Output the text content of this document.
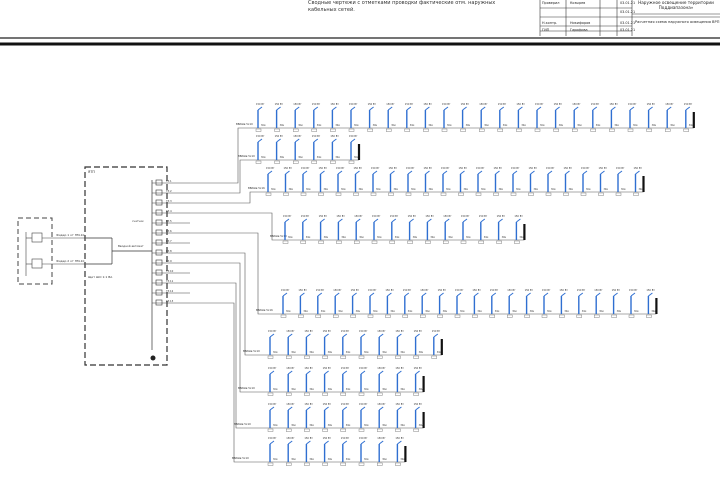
Сводные чертежи с отметками проводки фактические отм. наружных
кабельных сетей.
Проверил	Козырев	03.01.21
03.01.21
Н.контр.	Никифоров	03.01.21
ГИП	Гарифова	03.01.21
Наружное освещение территории
Поддиапазона»
Расчетная схема наружного освещения ВРП
Фидер 1 от ПМ-10
Фидер 2 от ПМ-10
ЯТП
Щит ШО 1:1 ВА
Вводной автомат
счетчик
ГР.1
ГР.2
ГР.3
ГР.4
ГР.5
ГР.6
ГР.7
ГР.8
ГР.9
ГР.10
ГР.11
ГР.12
ГР.13
ВБбШв 5х10
ВБбШв 5х10
ВБбШв 5х16
ВБбШв 5х10
ВБбШв 5х16
ВБбШв 5х10
ВБбШв 5х10
ВБбШв 5х10
ВБбШв 5х10
150 Вт
30м
150 Вт
30м
150 Вт
30м
150 Вт
30м
150 Вт
30м
150 Вт
30м
150 Вт
30м
150 Вт
30м
150 Вт
30м
150 Вт
30м
150 Вт
30м
150 Вт
30м
150 Вт
30м
150 Вт
30м
150 Вт
30м
150 Вт
30м
150 Вт
30м
150 Вт
30м
150 Вт
30м
150 Вт
30м
150 Вт
30м
150 Вт
30м
150 Вт
30м
150 Вт
30м
150 Вт
30м
150 Вт
30м
150 Вт
30м
150 Вт
30м
150 Вт
30м
150 Вт
30м
150 Вт
30м
150 Вт
30м
150 Вт
30м
150 Вт
30м
150 Вт
30м
150 Вт
30м
150 Вт
30м
150 Вт
30м
150 Вт
30м
150 Вт
30м
150 Вт
30м
150 Вт
30м
150 Вт
30м
150 Вт
30м
150 Вт
30м
150 Вт
30м
150 Вт
30м
150 Вт
30м
150 Вт
30м
150 Вт
30м
150 Вт
30м
150 Вт
30м
150 Вт
30м
150 Вт
30м
150 Вт
30м
150 Вт
30м
150 Вт
30м
150 Вт
30м
150 Вт
30м
150 Вт
30м
150 Вт
30м
150 Вт
30м
150 Вт
30м
150 Вт
30м
150 Вт
30м
150 Вт
30м
150 Вт
30м
150 Вт
30м
150 Вт
30м
150 Вт
30м
150 Вт
30м
150 Вт
30м
150 Вт
30м
150 Вт
30м
150 Вт
30м
150 Вт
30м
150 Вт
30м
150 Вт
30м
150 Вт
30м
150 Вт
30м
150 Вт
30м
150 Вт
30м
150 Вт
30м
150 Вт
30м
150 Вт
30м
150 Вт
30м
150 Вт
30м
150 Вт
30м
150 Вт
30м
150 Вт
30м
150 Вт
30м
150 Вт
30м
150 Вт
30м
150 Вт
30м
150 Вт
30м
150 Вт
30м
150 Вт
30м
150 Вт
30м
150 Вт
30м
150 Вт
30м
150 Вт
30м
150 Вт
30м
150 Вт
30м
150 Вт
30м
150 Вт
30м
150 Вт
30м
150 Вт
30м
150 Вт
30м
150 Вт
30м
150 Вт
30м
150 Вт
30м
150 Вт
30м
150 Вт
30м
150 Вт
30м
150 Вт
30м
150 Вт
30м
150 Вт
30м
150 Вт
30м
150 Вт
30м
150 Вт
30м
150 Вт
30м
150 Вт
30м
150 Вт
30м
150 Вт
30м
